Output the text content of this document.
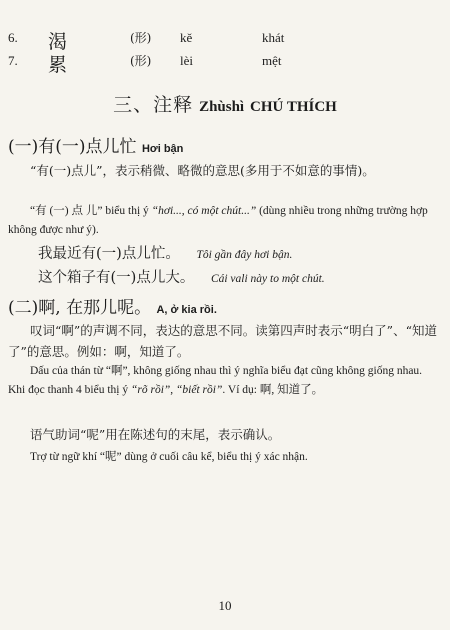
6. 渴	(形) kě	khát
7. 累	(形) lèi	mệt
三、注释 Zhùshì CHÚ THÍCH
(一)有(一)点儿忙 Hơi bận
“有(一)点儿”，表示稍微、略微的意思(多用于不如意的事情)。
“有 (一) 点 儿” biểu thị ý “hơi..., có một chút...” (dùng nhiều trong những trường hợp không được như ý).
我最近有(一)点儿忙。 Tôi gần đây hơi bận.
这个箱子有(一)点儿大。 Cái vali này to một chút.
(二)啊, 在那儿呢。 A, ở kia rồi.
叹词“啊”的声调不同，表达的意思不同。读第四声时表示“明白了”、“知道了”的意思。例如：啊，知道了。
Dấu của thán từ “啊”, không giống nhau thì ý nghĩa biểu đạt cũng không giống nhau. Khi đọc thanh 4 biểu thị ý “rõ rồi”, “biết rồi”. Ví dụ: 啊, 知道了。
语气助词“呢”用在陈述句的末尾，表示确认。
Trợ từ ngữ khí “呢” dùng ở cuối câu kể, biểu thị ý xác nhận.
10
